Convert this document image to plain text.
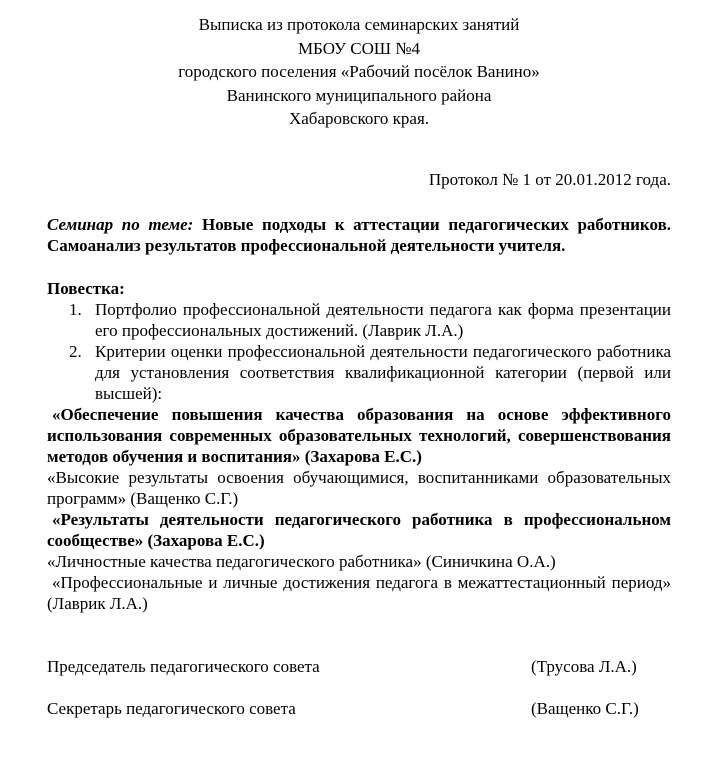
Выписка из протокола семинарских занятий
МБОУ СОШ №4
городского поселения «Рабочий посёлок Ванино»
Ванинского муниципального района
Хабаровского края.
Протокол № 1 от 20.01.2012 года.
Семинар по теме: Новые подходы к аттестации педагогических работников. Самоанализ результатов профессиональной деятельности учителя.
Повестка:
1. Портфолио профессиональной деятельности педагога как форма презентации его профессиональных достижений. (Лаврик Л.А.)
2. Критерии оценки профессиональной деятельности педагогического работника для установления соответствия квалификационной категории (первой или высшей):
«Обеспечение повышения качества образования на основе эффективного использования современных образовательных технологий, совершенствования методов обучения и воспитания» (Захарова Е.С.)
«Высокие результаты освоения обучающимися, воспитанниками образовательных программ» (Ващенко С.Г.)
«Результаты деятельности педагогического работника в профессиональном сообществе» (Захарова Е.С.)
«Личностные качества педагогического работника» (Синичкина О.А.)
«Профессиональные и личные достижения педагога в межаттестационный период» (Лаврик Л.А.)
Председатель педагогического совета	(Трусова Л.А.)
Секретарь педагогического совета	(Ващенко С.Г.)
